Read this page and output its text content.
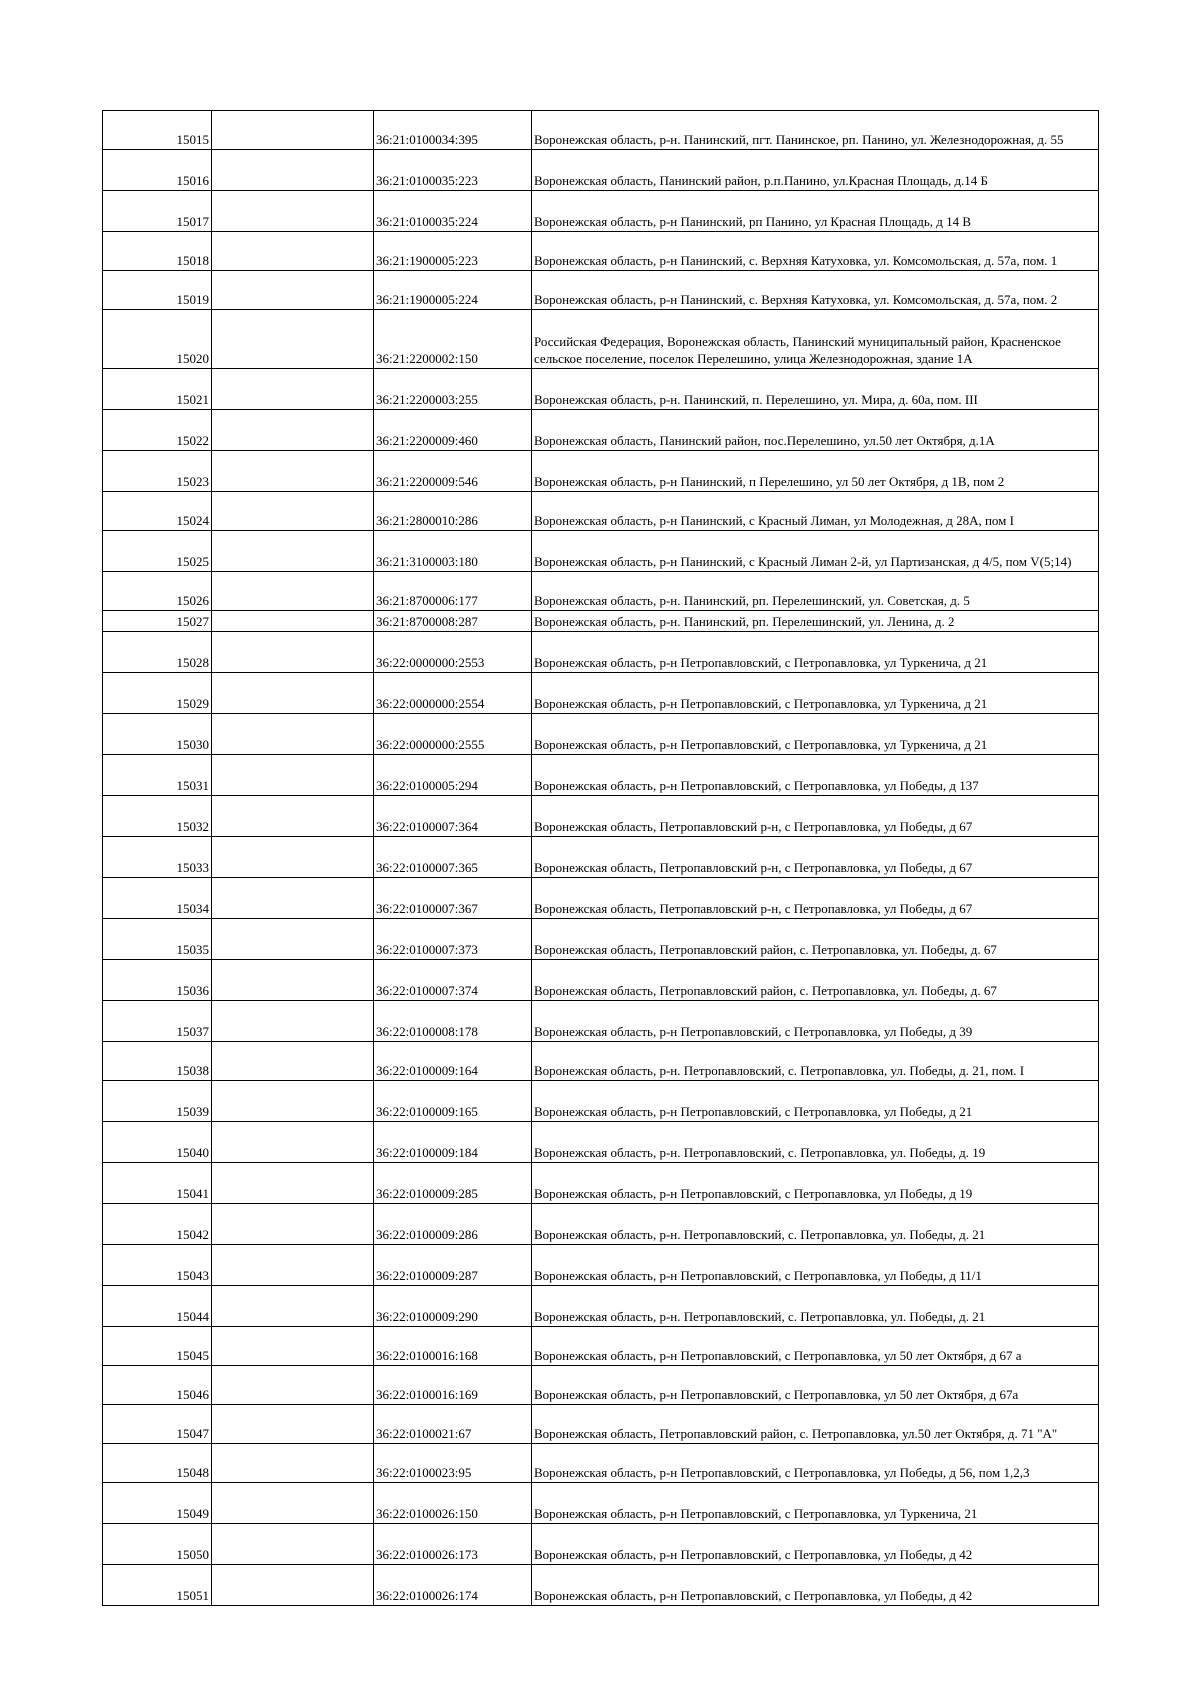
15015		36:21:0100034:395	Воронежская область, р-н. Панинский, пгт. Панинское, рп. Панино, ул. Железнодорожная, д. 55
15016		36:21:0100035:223	Воронежская область, Панинский район, р.п.Панино, ул.Красная Площадь, д.14 Б
15017		36:21:0100035:224	Воронежская область, р-н Панинский, рп Панино, ул Красная Площадь, д 14 В
15018		36:21:1900005:223	Воронежская область, р-н Панинский, с. Верхняя Катуховка, ул. Комсомольская, д. 57а, пом. 1
15019		36:21:1900005:224	Воронежская область, р-н Панинский, с. Верхняя Катуховка, ул. Комсомольская, д. 57а, пом. 2
15020		36:21:2200002:150	Российская Федерация, Воронежская область, Панинский муниципальный район, Красненское сельское поселение, поселок Перелешино, улица Железнодорожная, здание 1А
15021		36:21:2200003:255	Воронежская область, р-н. Панинский, п. Перелешино, ул. Мира, д. 60а, пом. III
15022		36:21:2200009:460	Воронежская область, Панинский район, пос.Перелешино, ул.50 лет Октября, д.1А
15023		36:21:2200009:546	Воронежская область, р-н Панинский, п Перелешино, ул 50 лет Октября, д 1В, пом 2
15024		36:21:2800010:286	Воронежская область, р-н Панинский, с Красный Лиман, ул Молодежная, д 28А, пом I
15025		36:21:3100003:180	Воронежская область, р-н Панинский, с Красный Лиман 2-й, ул Партизанская, д 4/5, пом V(5;14)
15026		36:21:8700006:177	Воронежская область, р-н. Панинский, рп. Перелешинский, ул. Советская, д. 5
15027		36:21:8700008:287	Воронежская область, р-н. Панинский, рп. Перелешинский, ул. Ленина, д. 2
15028		36:22:0000000:2553	Воронежская область, р-н Петропавловский, с Петропавловка, ул Туркенича, д 21
15029		36:22:0000000:2554	Воронежская область, р-н Петропавловский, с Петропавловка, ул Туркенича, д 21
15030		36:22:0000000:2555	Воронежская область, р-н Петропавловский, с Петропавловка, ул Туркенича, д 21
15031		36:22:0100005:294	Воронежская область, р-н Петропавловский, с Петропавловка, ул Победы, д 137
15032		36:22:0100007:364	Воронежская область, Петропавловский р-н, с Петропавловка, ул Победы, д 67
15033		36:22:0100007:365	Воронежская область, Петропавловский р-н, с Петропавловка, ул Победы, д 67
15034		36:22:0100007:367	Воронежская область, Петропавловский р-н, с Петропавловка, ул Победы, д 67
15035		36:22:0100007:373	Воронежская область, Петропавловский район, с. Петропавловка, ул. Победы, д. 67
15036		36:22:0100007:374	Воронежская область, Петропавловский район, с. Петропавловка, ул. Победы, д. 67
15037		36:22:0100008:178	Воронежская область, р-н Петропавловский, с Петропавловка, ул Победы, д 39
15038		36:22:0100009:164	Воронежская область, р-н. Петропавловский, с. Петропавловка, ул. Победы, д. 21, пом. I
15039		36:22:0100009:165	Воронежская область, р-н Петропавловский, с Петропавловка, ул Победы, д 21
15040		36:22:0100009:184	Воронежская область, р-н. Петропавловский, с. Петропавловка, ул. Победы, д. 19
15041		36:22:0100009:285	Воронежская область, р-н Петропавловский, с Петропавловка, ул Победы, д 19
15042		36:22:0100009:286	Воронежская область, р-н. Петропавловский, с. Петропавловка, ул. Победы, д. 21
15043		36:22:0100009:287	Воронежская область, р-н Петропавловский, с Петропавловка, ул Победы, д 11/1
15044		36:22:0100009:290	Воронежская область, р-н. Петропавловский, с. Петропавловка, ул. Победы, д. 21
15045		36:22:0100016:168	Воронежская область, р-н Петропавловский, с Петропавловка, ул 50 лет Октября, д 67 а
15046		36:22:0100016:169	Воронежская область, р-н Петропавловский, с Петропавловка, ул 50 лет Октября, д 67а
15047		36:22:0100021:67	Воронежская область, Петропавловский район, с. Петропавловка, ул.50 лет Октября, д. 71 "А"
15048		36:22:0100023:95	Воронежская область, р-н Петропавловский, с Петропавловка, ул Победы, д 56, пом 1,2,3
15049		36:22:0100026:150	Воронежская область, р-н Петропавловский, с Петропавловка, ул Туркенича, 21
15050		36:22:0100026:173	Воронежская область, р-н Петропавловский, с Петропавловка, ул Победы, д 42
15051		36:22:0100026:174	Воронежская область, р-н Петропавловский, с Петропавловка, ул Победы, д 42
